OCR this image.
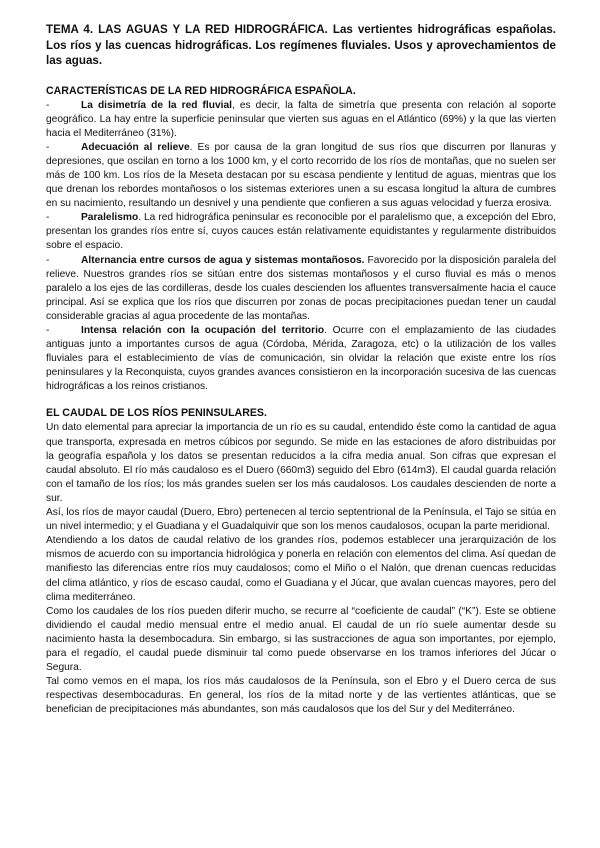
TEMA 4. LAS AGUAS Y LA RED HIDROGRÁFICA. Las vertientes hidrográficas españolas. Los ríos y las cuencas hidrográficas. Los regímenes fluviales. Usos y aprovechamientos de las aguas.

CARACTERÍSTICAS DE LA RED HIDROGRÁFICA ESPAÑOLA.

-	La disimetría de la red fluvial, es decir, la falta de simetría que presenta con relación al soporte geográfico. La hay entre la superficie peninsular que vierten sus aguas en el Atlántico (69%) y la que las vierten hacia el Mediterráneo (31%).

-	Adecuación al relieve. Es por causa de la gran longitud de sus ríos que discurren por llanuras y depresiones, que oscilan en torno a los 1000 km, y el corto recorrido de los ríos de montañas, que no suelen ser más de 100 km. Los ríos de la Meseta destacan por su escasa pendiente y lentitud de aguas, mientras que los que drenan los rebordes montañosos o los sistemas exteriores unen a su escasa longitud la altura de cumbres en su nacimiento, resultando un desnivel y una pendiente que confieren a sus aguas velocidad y fuerza erosiva.

-	Paralelismo. La red hidrográfica peninsular es reconocible por el paralelismo que, a excepción del Ebro, presentan los grandes ríos entre sí, cuyos cauces están relativamente equidistantes y regularmente distribuidos sobre el espacio.

-	Alternancia entre cursos de agua y sistemas montañosos. Favorecido por la disposición paralela del relieve. Nuestros grandes ríos se sitúan entre dos sistemas montañosos y el curso fluvial es más o menos paralelo a los ejes de las cordilleras, desde los cuales descienden los afluentes transversalmente hacia el cauce principal. Así se explica que los ríos que discurren por zonas de pocas precipitaciones puedan tener un caudal considerable gracias al agua procedente de las montañas.

-	Intensa relación con la ocupación del territorio. Ocurre con el emplazamiento de las ciudades antiguas junto a importantes cursos de agua (Córdoba, Mérida, Zaragoza, etc) o la utilización de los valles fluviales para el establecimiento de vías de comunicación, sin olvidar la relación que existe entre los ríos peninsulares y la Reconquista, cuyos grandes avances consistieron en la incorporación sucesiva de las cuencas hidrográficas a los reinos cristianos.

EL CAUDAL DE LOS RÍOS PENINSULARES.

Un dato elemental para apreciar la importancia de un río es su caudal, entendido éste como la cantidad de agua que transporta, expresada en metros cúbicos por segundo. Se mide en las estaciones de aforo distribuidas por la geografía española y los datos se presentan reducidos a la cifra media anual. Son cifras que expresan el caudal absoluto. El río más caudaloso es el Duero (660m3) seguido del Ebro (614m3). El caudal guarda relación con el tamaño de los ríos; los más grandes suelen ser los más caudalosos. Los caudales descienden de norte a sur.

Así, los ríos de mayor caudal (Duero, Ebro) pertenecen al tercio septentrional de la Península, el Tajo se sitúa en un nivel intermedio; y el Guadiana y el Guadalquivir que son los menos caudalosos, ocupan la parte meridional.

Atendiendo a los datos de caudal relativo de los grandes ríos, podemos establecer una jerarquización de los mismos de acuerdo con su importancia hidrológica y ponerla en relación con elementos del clima. Así quedan de manifiesto las diferencias entre ríos muy caudalosos; como el Miño o el Nalón, que drenan cuencas reducidas del clima atlántico, y ríos de escaso caudal, como el Guadiana y el Júcar, que avalan cuencas mayores, pero del clima mediterráneo.

Como los caudales de los ríos pueden diferir mucho, se recurre al “coeficiente de caudal” (“K”). Este se obtiene dividiendo el caudal medio mensual entre el medio anual. El caudal de un río suele aumentar desde su nacimiento hasta la desembocadura. Sin embargo, si las sustracciones de agua son importantes, por ejemplo, para el regadío, el caudal puede disminuir tal como puede observarse en los tramos inferiores del Júcar o Segura.

Tal como vemos en el mapa, los ríos más caudalosos de la Península, son el Ebro y el Duero cerca de sus respectivas desembocaduras. En general, los ríos de la mitad norte y de las vertientes atlánticas, que se benefician de precipitaciones más abundantes, son más caudalosos que los del Sur y del Mediterráneo.
